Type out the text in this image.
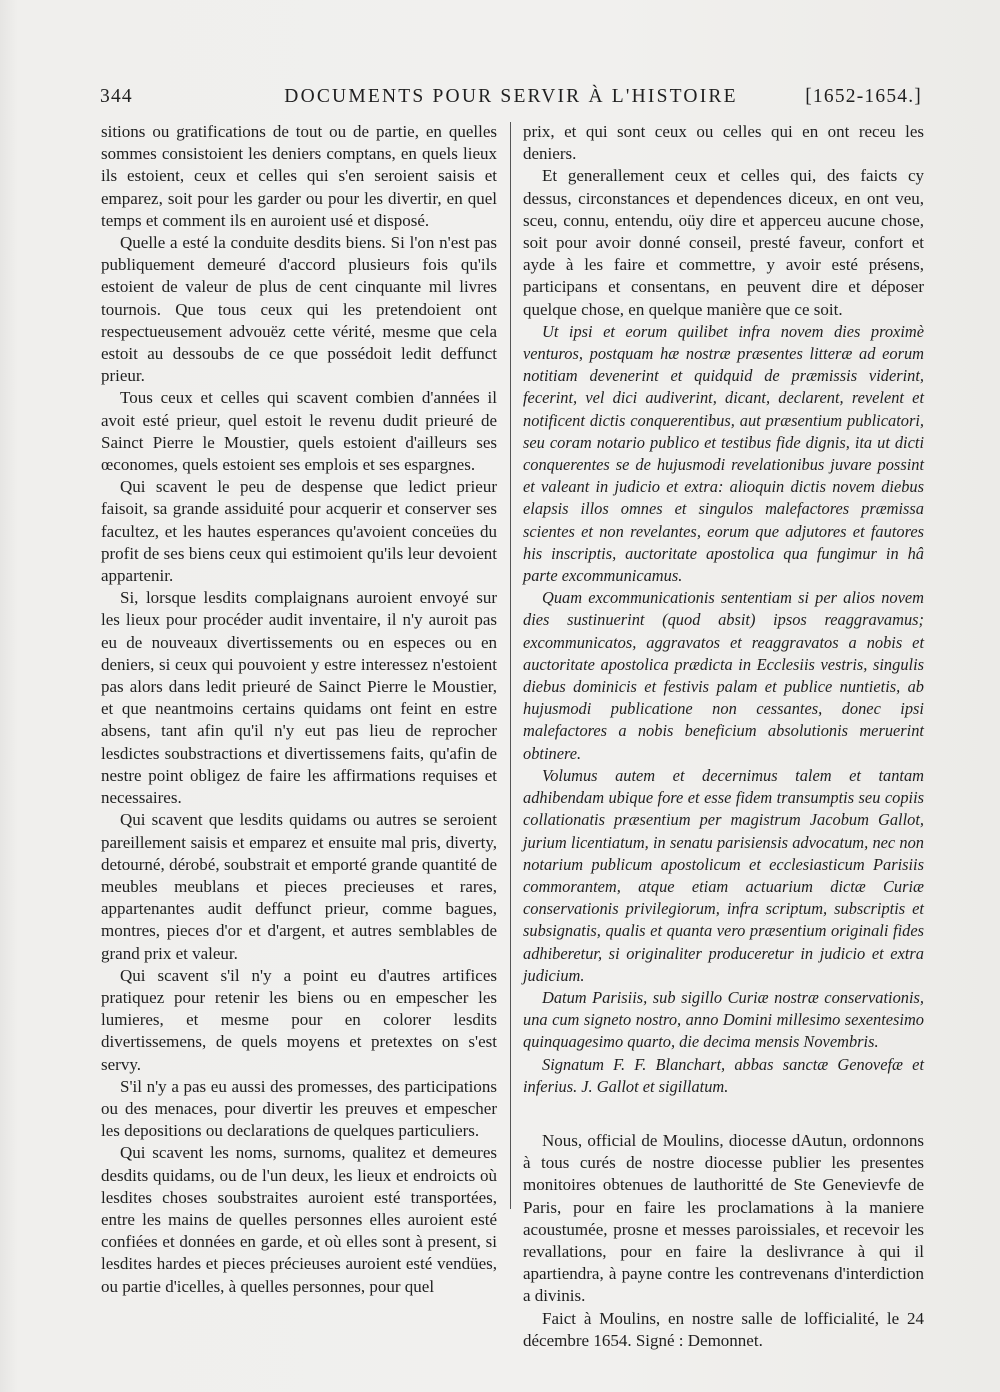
344	DOCUMENTS POUR SERVIR À L'HISTOIRE	[1652-1654.]

sitions ou gratifications de tout ou de partie, en quelles sommes consistoient les deniers comptans, en quels lieux ils estoient, ceux et celles qui s'en seroient saisis et emparez, soit pour les garder ou pour les divertir, en quel temps et comment ils en auroient usé et disposé.

Quelle a esté la conduite desdits biens. Si l'on n'est pas publiquement demeuré d'accord plusieurs fois qu'ils estoient de valeur de plus de cent cinquante mil livres tournois. Que tous ceux qui les pretendoient ont respectueusement advouëz cette vérité, mesme que cela estoit au dessoubs de ce que possédoit ledit deffunct prieur.

Tous ceux et celles qui scavent combien d'années il avoit esté prieur, quel estoit le revenu dudit prieuré de Sainct Pierre le Moustier, quels estoient d'ailleurs ses œconomes, quels estoient ses emplois et ses espargnes.

Qui scavent le peu de despense que ledict prieur faisoit, sa grande assiduité pour acquerir et conserver ses facultez, et les hautes esperances qu'avoient conceües du profit de ses biens ceux qui estimoient qu'ils leur devoient appartenir.

Si, lorsque lesdits complaignans auroient envoyé sur les lieux pour procéder audit inventaire, il n'y auroit pas eu de nouveaux divertissements ou en especes ou en deniers, si ceux qui pouvoient y estre interessez n'estoient pas alors dans ledit prieuré de Sainct Pierre le Moustier, et que neantmoins certains quidams ont feint en estre absens, tant afin qu'il n'y eut pas lieu de reprocher lesdictes soubstractions et divertissemens faits, qu'afin de nestre point obligez de faire les affirmations requises et necessaires.

Qui scavent que lesdits quidams ou autres se seroient pareillement saisis et emparez et ensuite mal pris, diverty, detourné, dérobé, soubstrait et emporté grande quantité de meubles meublans et pieces precieuses et rares, appartenantes audit deffunct prieur, comme bagues, montres, pieces d'or et d'argent, et autres semblables de grand prix et valeur.

Qui scavent s'il n'y a point eu d'autres artifices pratiquez pour retenir les biens ou en empescher les lumieres, et mesme pour en colorer lesdits divertissemens, de quels moyens et pretextes on s'est servy.

S'il n'y a pas eu aussi des promesses, des participations ou des menaces, pour divertir les preuves et empescher les depositions ou declarations de quelques particuliers.

Qui scavent les noms, surnoms, qualitez et demeures desdits quidams, ou de l'un deux, les lieux et endroicts où lesdites choses soubstraites auroient esté transportées, entre les mains de quelles personnes elles auroient esté confiées et données en garde, et où elles sont à present, si lesdites hardes et pieces précieuses auroient esté vendües, ou partie d'icelles, à quelles personnes, pour quel

prix, et qui sont ceux ou celles qui en ont receu les deniers.

Et generallement ceux et celles qui, des faicts cy dessus, circonstances et dependences diceux, en ont veu, sceu, connu, entendu, oüy dire et apperceu aucune chose, soit pour avoir donné conseil, presté faveur, confort et ayde à les faire et commettre, y avoir esté présens, participans et consentans, en peuvent dire et déposer quelque chose, en quelque manière que ce soit.

Ut ipsi et eorum quilibet infra novem dies proximè venturos, postquam hæ nostræ præsentes litteræ ad eorum notitiam devenerint et quidquid de præmissis viderint, fecerint, vel dici audiverint, dicant, declarent, revelent et notificent dictis conquerentibus, aut præsentium publicatori, seu coram notario publico et testibus fide dignis, ita ut dicti conquerentes se de hujusmodi revelationibus juvare possint et valeant in judicio et extra: alioquin dictis novem diebus elapsis illos omnes et singulos malefactores præmissa scientes et non revelantes, eorum que adjutores et fautores his inscriptis, auctoritate apostolica qua fungimur in hâ parte excommunicamus.

Quam excommunicationis sententiam si per alios novem dies sustinuerint (quod absit) ipsos reaggravamus; excommunicatos, aggravatos et reaggravatos a nobis et auctoritate apostolica prædicta in Ecclesiis vestris, singulis diebus dominicis et festivis palam et publice nuntietis, ab hujusmodi publicatione non cessantes, donec ipsi malefactores a nobis beneficium absolutionis meruerint obtinere.

Volumus autem et decernimus talem et tantam adhibendam ubique fore et esse fidem transumptis seu copiis collationatis præsentium per magistrum Jacobum Gallot, jurium licentiatum, in senatu parisiensis advocatum, nec non notarium publicum apostolicum et ecclesiasticum Parisiis commorantem, atque etiam actuarium dictæ Curiæ conservationis privilegiorum, infra scriptum, subscriptis et subsignatis, qualis et quanta vero præsentium originali fides adhiberetur, si originaliter produceretur in judicio et extra judicium.

Datum Parisiis, sub sigillo Curiæ nostræ conservationis, una cum signeto nostro, anno Domini millesimo sexentesimo quinquagesimo quarto, die decima mensis Novembris.

Signatum F. F. Blanchart, abbas sanctæ Genovefæ et inferius. J. Gallot et sigillatum.

Nous, official de Moulins, diocesse dAutun, ordonnons à tous curés de nostre diocesse publier les presentes monitoires obtenues de lauthoritté de Ste Genevievfe de Paris, pour en faire les proclamations à la maniere acoustumée, prosne et messes paroissiales, et recevoir les revallations, pour en faire la deslivrance à qui il apartiendra, à payne contre les contrevenans d'interdiction a divinis.

Faict à Moulins, en nostre salle de lofficialité, le 24 décembre 1654. Signé : Demonnet.
